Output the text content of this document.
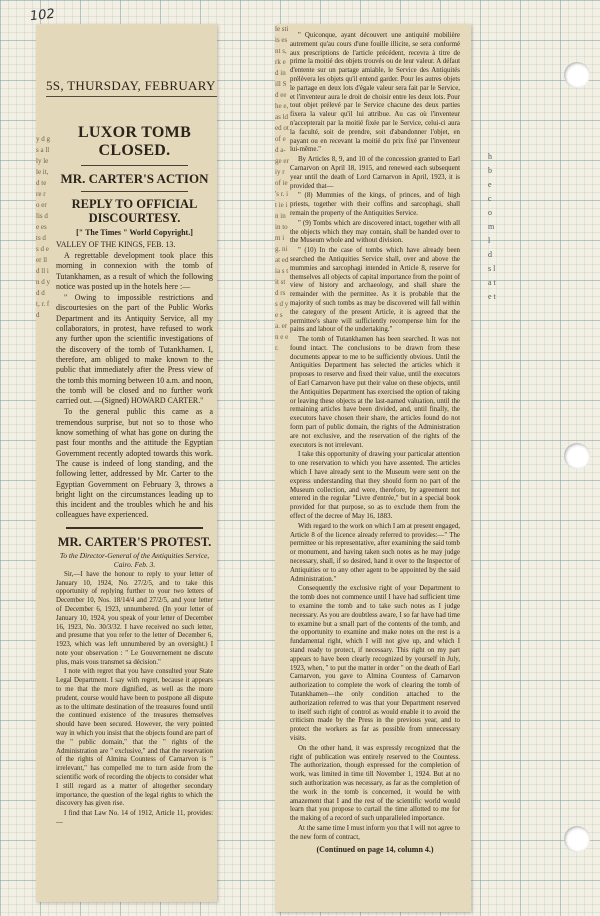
102
y d gs a ll ly le le it, d te re r o er lis d e es ts d s d e er ll d ll in d y d d t, r. f d
5S, THURSDAY, FEBRUARY

LUXOR TOMB CLOSED.

MR. CARTER'S ACTION

REPLY TO OFFICIAL DISCOURTESY.

[" The Times " World Copyright.]

VALLEY OF THE KINGS, FEB. 13.

A regrettable development took place this morning in connexion with the tomb of Tutankhamen, as a result of which the following notice was posted up in the hotels here :—

" Owing to impossible restrictions and discourtesies on the part of the Public Works Department and its Antiquity Service, all my collaborators, in protest, have refused to work any further upon the scientific investigations of the discovery of the tomb of Tutankhamen. I, therefore, am obliged to make known to the public that immediately after the Press view of the tomb this morning between 10 a.m. and noon, the tomb will be closed and no further work carried out. —(Signed) HOWARD CARTER."

To the general public this came as a tremendous surprise, but not so to those who know something of what has gone on during the past four months and the attitude the Egyptian Government recently adopted towards this work. The cause is indeed of long standing, and the following letter, addressed by Mr. Carter to the Egyptian Government on February 3, throws a bright light on the circumstances leading up to this incident and the troubles which he and his colleagues have experienced.

MR. CARTER'S PROTEST.

To the Director-General of the Antiquities Service, Cairo. Feb. 3.

Sir,—I have the honour to reply to your letter of January 10, 1924, No. 27/2/5, and to take this opportunity of replying further to your two letters of December 10, Nos. 18/14/4 and 27/2/5, and your letter of December 6, 1923, unnumbered. (In your letter of January 10, 1924, you speak of your letter of December 16, 1923, No. 30/3/32. I have received no such letter, and presume that you refer to the letter of December 6, 1923, which was left unnumbered by an oversight.) I note your observation : " Le Gouvernement ne discute plus, mais vous transmet sa décision."

I note with regret that you have consulted your State Legal Department. I say with regret, because it appears to me that the more dignified, as well as the more prudent, course would have been to postpone all dispute as to the ultimate destination of the treasures found until the continued existence of the treasures themselves should have been secured. However, the very pointed way in which you insist that the objects found are part of the " public domain," that the " rights of the Administration are " exclusive," and that the reservation of the rights of Almina Countess of Carnarvon is " irrelevant," has compelled me to turn aside from the scientific work of recording the objects to consider what I still regard as a matter of altogether secondary importance, the question of the legal rights to which the discovery has given rise.

I find that Law No. 14 of 1912, Article 11, provides:—

le sti is es nt s, rk ed in ill Sd ee he e, as ld ed ot of ed a- ge er iy r of ie 's r. it ie in in in to m ig. ni at ed ia s t it st d rs s d y e s a. er n e e r.

" Quiconque, ayant découvert une antiquité mobilière autrement qu'au cours d'une fouille illicite, se sera conformé aux prescriptions de l'article précédent, recevra à titre de prime la moitié des objets trouvés ou de leur valeur. A défaut d'entente sur un partage amiable, le Service des Antiquités prélèvera les objets qu'il entend garder. Pour les autres objets le partage en deux lots d'égale valeur sera fait par le Service, et l'inventeur aura le droit de choisir entre les deux lots. Pour tout objet prélevé par le Service chacune des deux parties fixera la valeur qu'il lui attribue. Au cas où l'inventeur n'accepterait par la moitié fixée par le Service, celui-ci aura la faculté, soit de prendre, soit d'abandonner l'objet, en payant ou en recevant la moitié du prix fixé par l'inventeur lui-même."

By Articles 8, 9, and 10 of the concession granted to Earl Carnarvon on April 18, 1915, and renewed each subsequent year until the death of Lord Carnarvon in April, 1923, it is provided that—

" (8) Mummies of the kings, of princes, and of high priests, together with their coffins and sarcophagi, shall remain the property of the Antiquities Service.

" (9) Tombs which are discovered intact, together with all the objects which they may contain, shall be handed over to the Museum whole and without division.

" (10) In the case of tombs which have already been searched the Antiquities Service shall, over and above the mummies and sarcophagi intended in Article 8, reserve for themselves all objects of capital importance from the point of view of history and archaeology, and shall share the remainder with the permittee. As it is probable that the majority of such tombs as may be discovered will fall within the category of the present Article, it is agreed that the permittee's share will sufficiently recompense him for the pains and labour of the undertaking."

The tomb of Tutankhamen has been searched. It was not found intact. The conclusions to be drawn from these documents appear to me to be sufficiently obvious. Until the Antiquities Department has selected the articles which it proposes to reserve and fixed their value, until the executors of Earl Carnarvon have put their value on these objects, until the Antiquities Department has exercised the option of taking or leaving these objects at the last-named valuation, until the remaining articles have been divided, and, until finally, the executors have chosen their share, the articles found do not form part of public domain, the rights of the Administration are not exclusive, and the reservation of the rights of the executors is not irrelevant.

I take this opportunity of drawing your particular attention to one reservation to which you have assented. The articles which I have already sent to the Museum were sent on the express understanding that they should form no part of the Museum collection, and were, therefore, by agreement not entered in the regular "Livre d'entrée," but in a special book provided for that purpose, so as to exclude them from the effect of the decree of May 16, 1883.

With regard to the work on which I am at present engaged, Article 8 of the licence already referred to provides:—" The permittee or his representative, after examining the said tomb or monument, and having taken such notes as he may judge necessary, shall, if so desired, hand it over to the Inspector of Antiquities or to any other agent to be appointed by the said Administration."

Consequently the exclusive right of your Department to the tomb does not commence until I have had sufficient time to examine the tomb and to take such notes as I judge necessary. As you are doubtless aware, I so far have had time to examine but a small part of the contents of the tomb, and the opportunity to examine and make notes on the rest is a fundamental right, which I will not give up, and which I stand ready to protect, if necessary. This right on my part appears to have been clearly recognized by yourself in July, 1923, when, " to put the matter in order " on the death of Earl Carnarvon, you gave to Almina Countess of Carnarvon authorization to complete the work of clearing the tomb of Tutankhamen—the only condition attached to the authorization referred to was that your Department reserved to itself such right of control as would enable it to avoid the criticism made by the Press in the previous year, and to protect the workers as far as possible from unnecessary visits.

On the other hand, it was expressly recognized that the right of publication was entirely reserved to the Countess. The authorization, though expressed for the completion of work, was limited in time till November 1, 1924. But at no such authorization was necessary, as far as the completion of the work in the tomb is concerned, it would be with amazement that I and the rest of the scientific world would learn that you propose to curtail the time allotted to me for the making of a record of such unparalleled importance.

At the same time I must inform you that I will not agree to the new form of contract,

(Continued on page 14, column 4.)

h b e c o m l d s l a t e t
